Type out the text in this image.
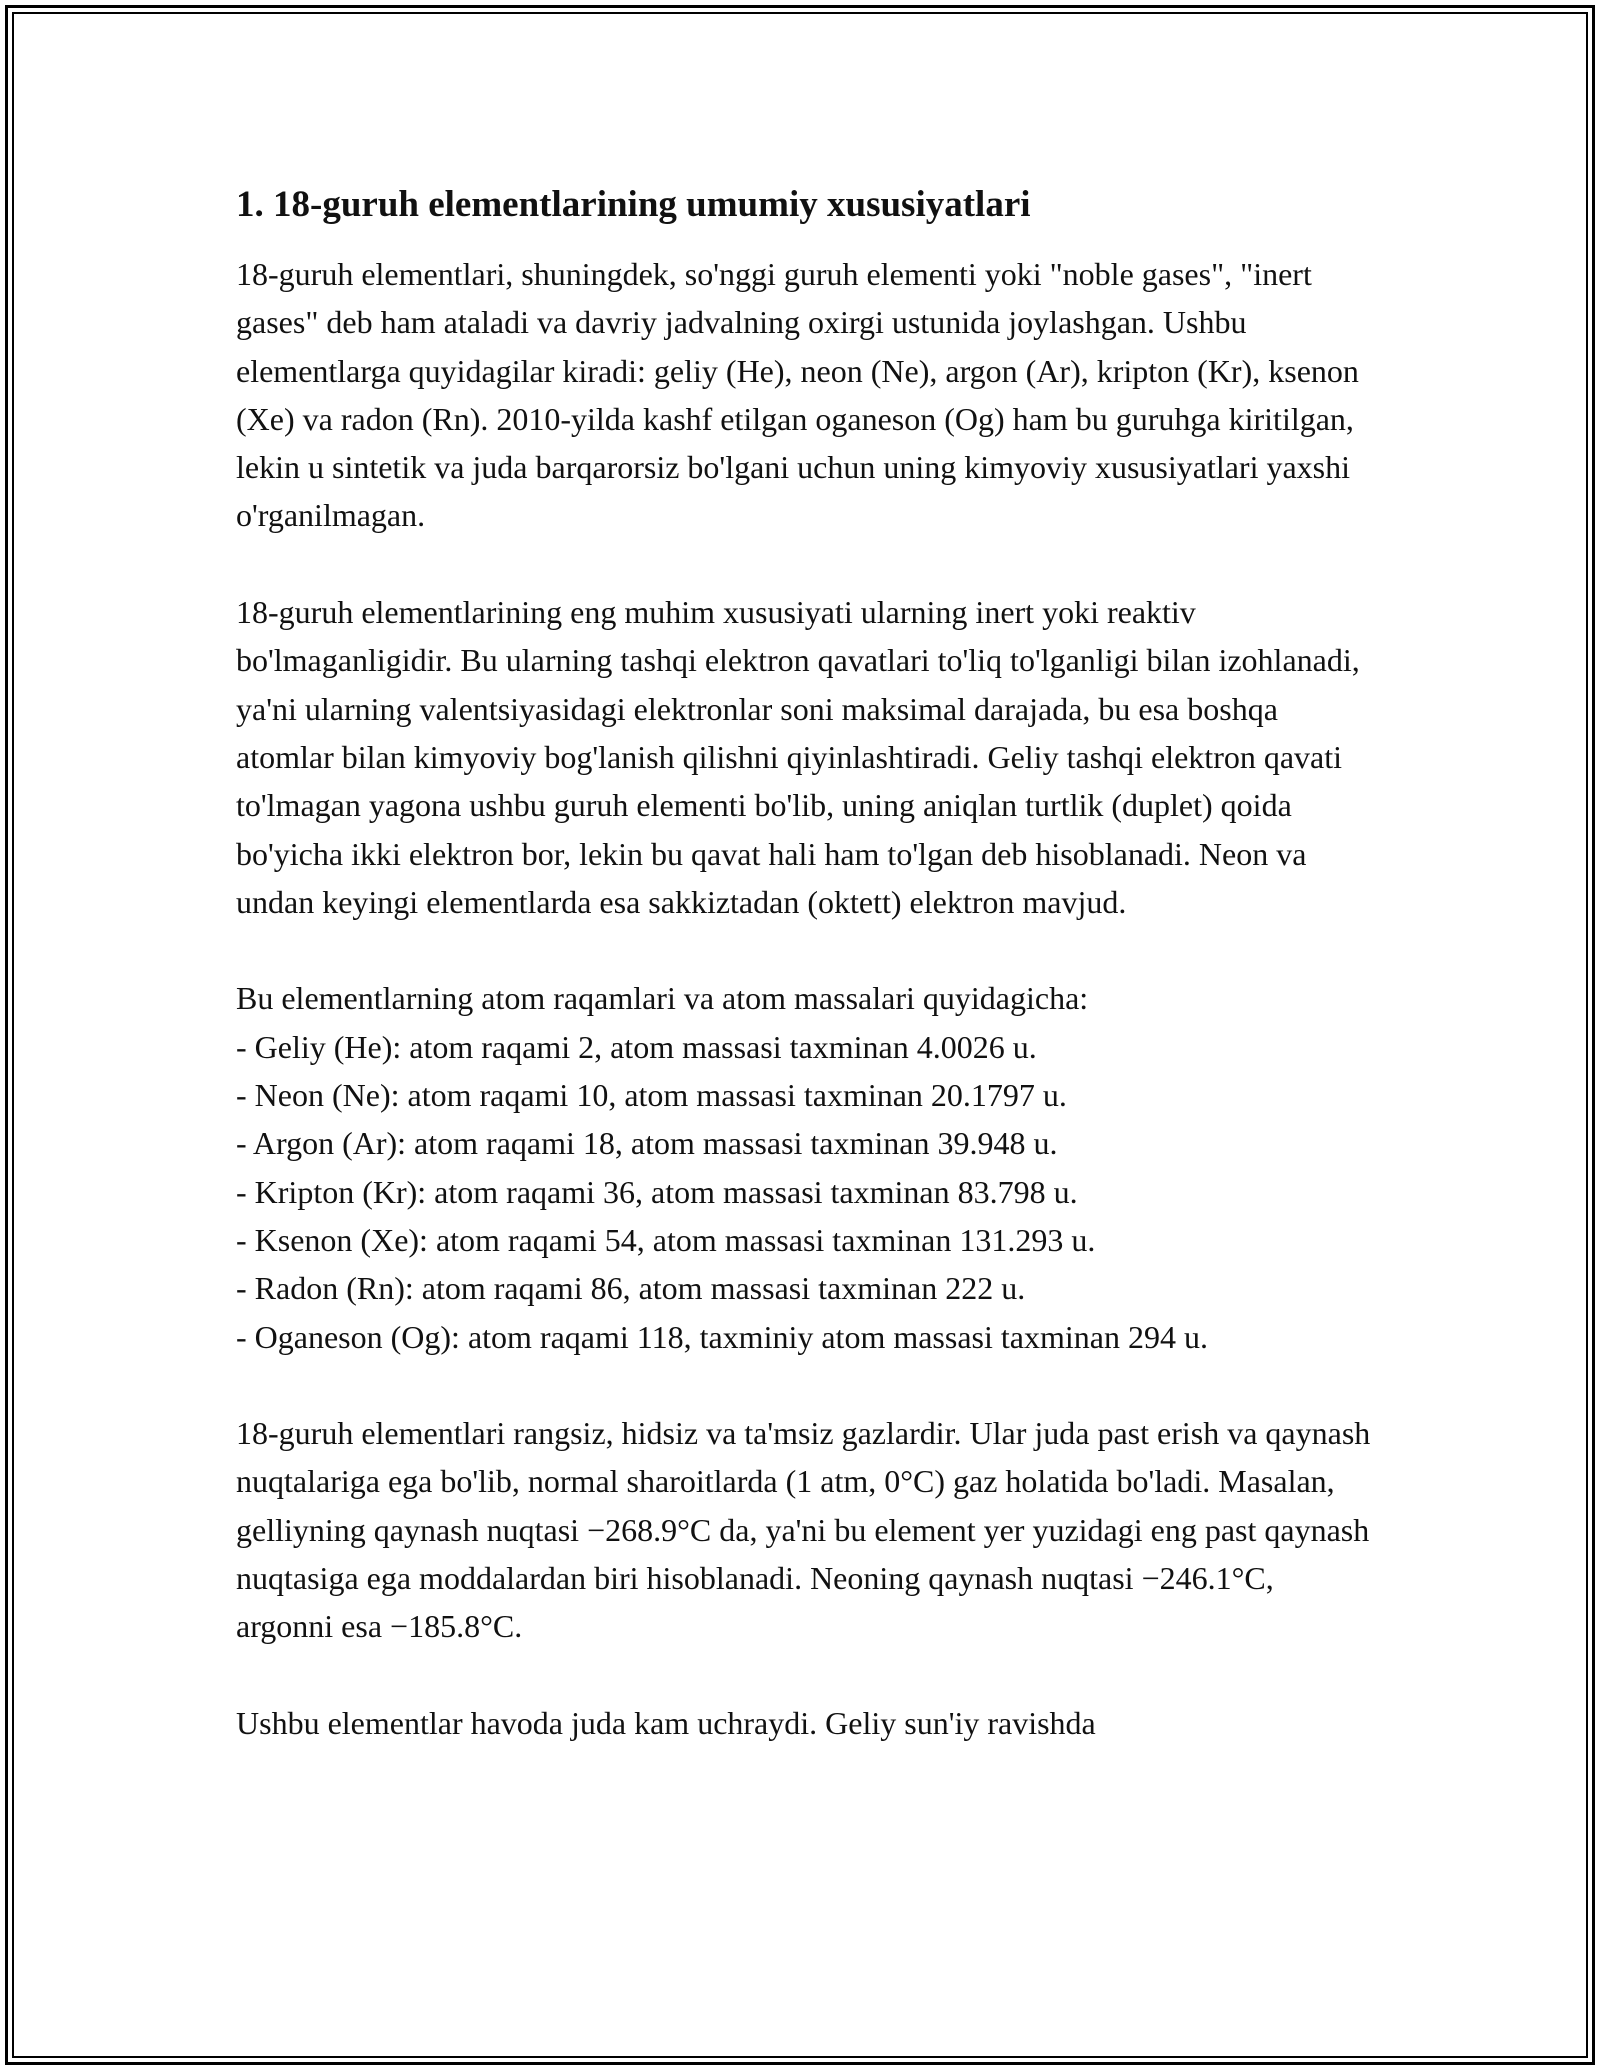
1. 18-guruh elementlarining umumiy xususiyatlari

18-guruh elementlari, shuningdek, so'nggi guruh elementi yoki "noble gases", "inert gases" deb ham ataladi va davriy jadvalning oxirgi ustunida joylashgan. Ushbu elementlarga quyidagilar kiradi: geliy (He), neon (Ne), argon (Ar), kripton (Kr), ksenon (Xe) va radon (Rn). 2010-yilda kashf etilgan oganeson (Og) ham bu guruhga kiritilgan, lekin u sintetik va juda barqarorsiz bo'lgani uchun uning kimyoviy xususiyatlari yaxshi o'rganilmagan.

18-guruh elementlarining eng muhim xususiyati ularning inert yoki reaktiv bo'lmaganligidir. Bu ularning tashqi elektron qavatlari to'liq to'lganligi bilan izohlanadi, ya'ni ularning valentsiyasidagi elektronlar soni maksimal darajada, bu esa boshqa atomlar bilan kimyoviy bog'lanish qilishni qiyinlashtiradi. Geliy tashqi elektron qavati to'lmagan yagona ushbu guruh elementi bo'lib, uning aniqlan turtlik (duplet) qoida bo'yicha ikki elektron bor, lekin bu qavat hali ham to'lgan deb hisoblanadi. Neon va undan keyingi elementlarda esa sakkiztadan (oktett) elektron mavjud.

Bu elementlarning atom raqamlari va atom massalari quyidagicha:

- Geliy (He): atom raqami 2, atom massasi taxminan 4.0026 u.
- Neon (Ne): atom raqami 10, atom massasi taxminan 20.1797 u.
- Argon (Ar): atom raqami 18, atom massasi taxminan 39.948 u.
- Kripton (Kr): atom raqami 36, atom massasi taxminan 83.798 u.
- Ksenon (Xe): atom raqami 54, atom massasi taxminan 131.293 u.
- Radon (Rn): atom raqami 86, atom massasi taxminan 222 u.
- Oganeson (Og): atom raqami 118, taxminiy atom massasi taxminan 294 u.

18-guruh elementlari rangsiz, hidsiz va ta'msiz gazlardir. Ular juda past erish va qaynash nuqtalariga ega bo'lib, normal sharoitlarda (1 atm, 0°C) gaz holatida bo'ladi. Masalan, gelliyning qaynash nuqtasi −268.9°C da, ya'ni bu element yer yuzidagi eng past qaynash nuqtasiga ega moddalardan biri hisoblanadi. Neoning qaynash nuqtasi −246.1°C, argonni esa −185.8°C.

Ushbu elementlar havoda juda kam uchraydi. Geliy sun'iy ravishda
